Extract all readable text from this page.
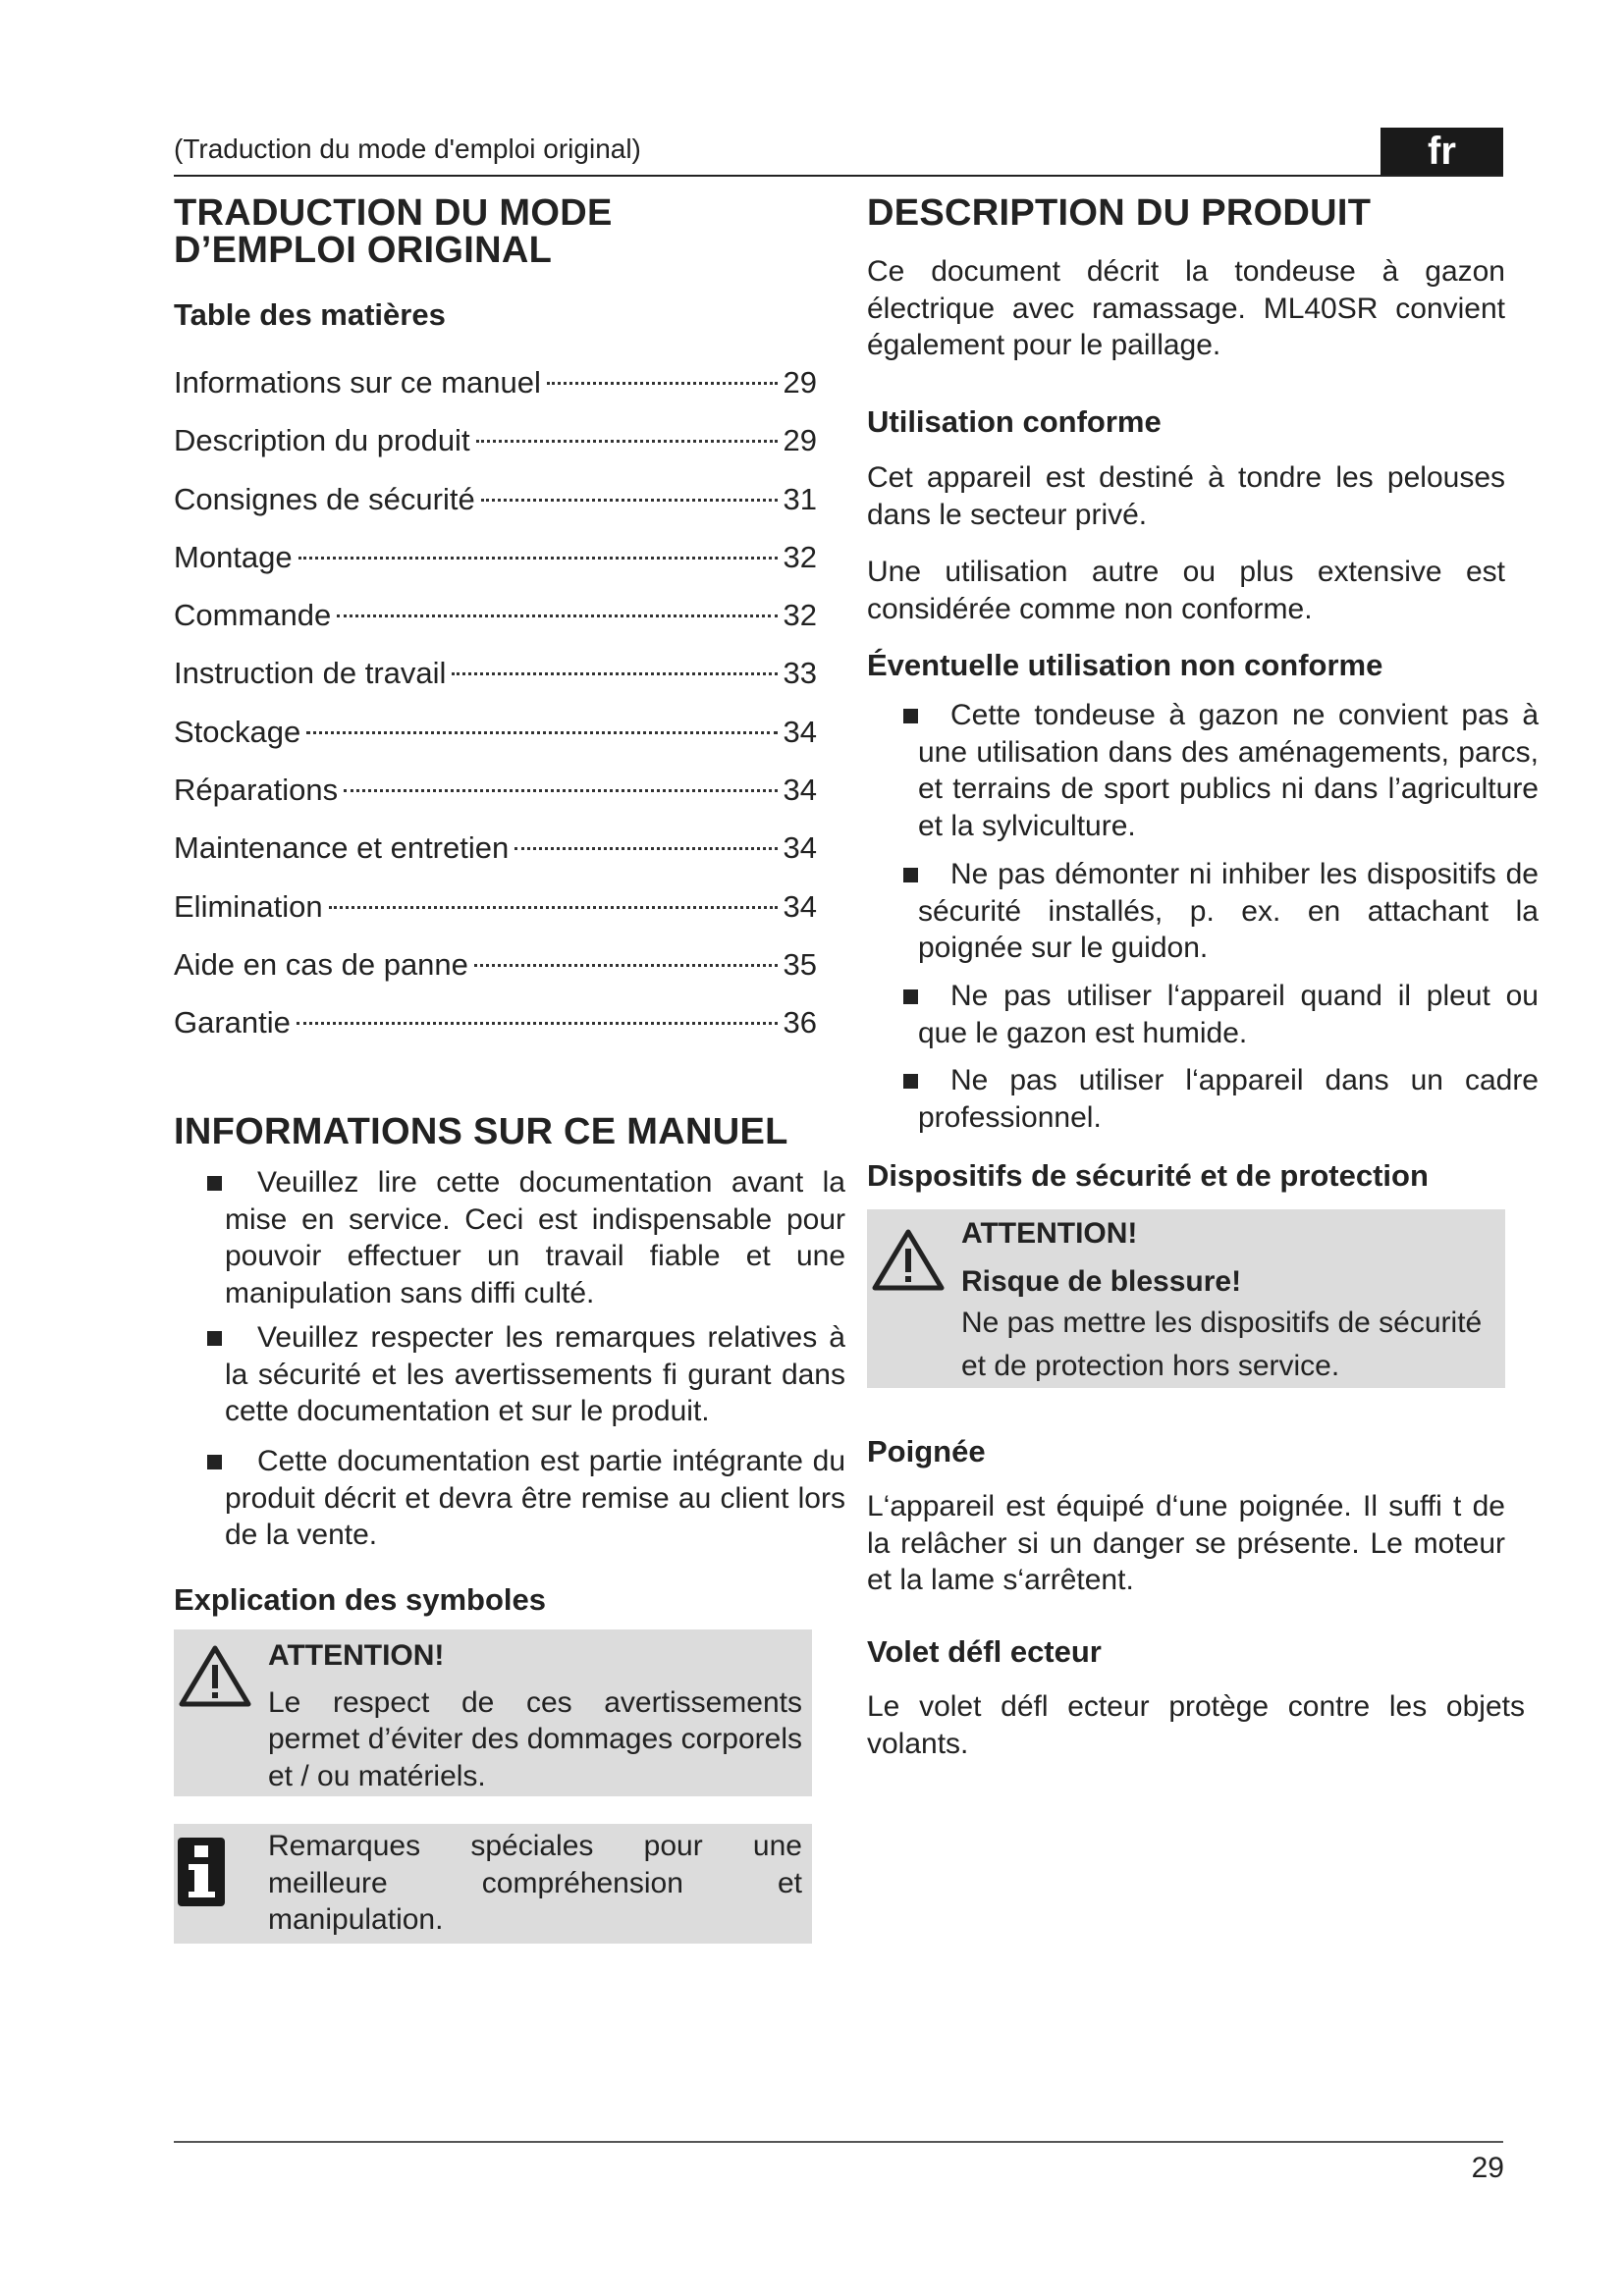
(Traduction du mode d'emploi original)	fr
TRADUCTION DU MODE
D’EMPLOI ORIGINAL
Table des matières
Informations sur ce manuel	29
Description du produit	29
Consignes de sécurité	31
Montage	32
Commande	32
Instruction de travail	33
Stockage	34
Réparations	34
Maintenance et entretien	34
Elimination	34
Aide en cas de panne	35
Garantie	36
INFORMATIONS SUR CE MANUEL
Veuillez lire cette documentation avant la mise en service. Ceci est indispensable pour pouvoir effectuer un travail fiable et une manipulation sans diffi culté.
Veuillez respecter les remarques relatives à la sécurité et les avertissements fi gurant dans cette documentation et sur le produit.
Cette documentation est partie intégrante du produit décrit et devra être remise au client lors de la vente.
Explication des symboles
ATTENTION!
Le respect de ces avertissements permet d’éviter des dommages corporels et / ou matériels.
Remarques spéciales pour une meilleure compréhension et manipulation.
DESCRIPTION DU PRODUIT

Ce document décrit la tondeuse à gazon électrique avec ramassage. ML40SR convient également pour le paillage.

Utilisation conforme

Cet appareil est destiné à tondre les pelouses dans le secteur privé.

Une utilisation autre ou plus extensive est considérée comme non conforme.

Éventuelle utilisation non conforme
Cette tondeuse à gazon ne convient pas à une utilisation dans des aménagements, parcs, et terrains de sport publics ni dans l’agriculture et la sylviculture.
Ne pas démonter ni inhiber les dispositifs de sécurité installés, p. ex. en attachant la poignée sur le guidon.
Ne pas utiliser l‘appareil quand il pleut ou que le gazon est humide.
Ne pas utiliser l‘appareil dans un cadre professionnel.
Dispositifs de sécurité et de protection
ATTENTION!
Risque de blessure!
Ne pas mettre les dispositifs de sécurité et de protection hors service.
Poignée

L‘appareil est équipé d‘une poignée. Il suffi t de la relâcher si un danger se présente. Le moteur et la lame s‘arrêtent.

Volet défl ecteur

Le volet défl ecteur protège contre les objets volants.

29
